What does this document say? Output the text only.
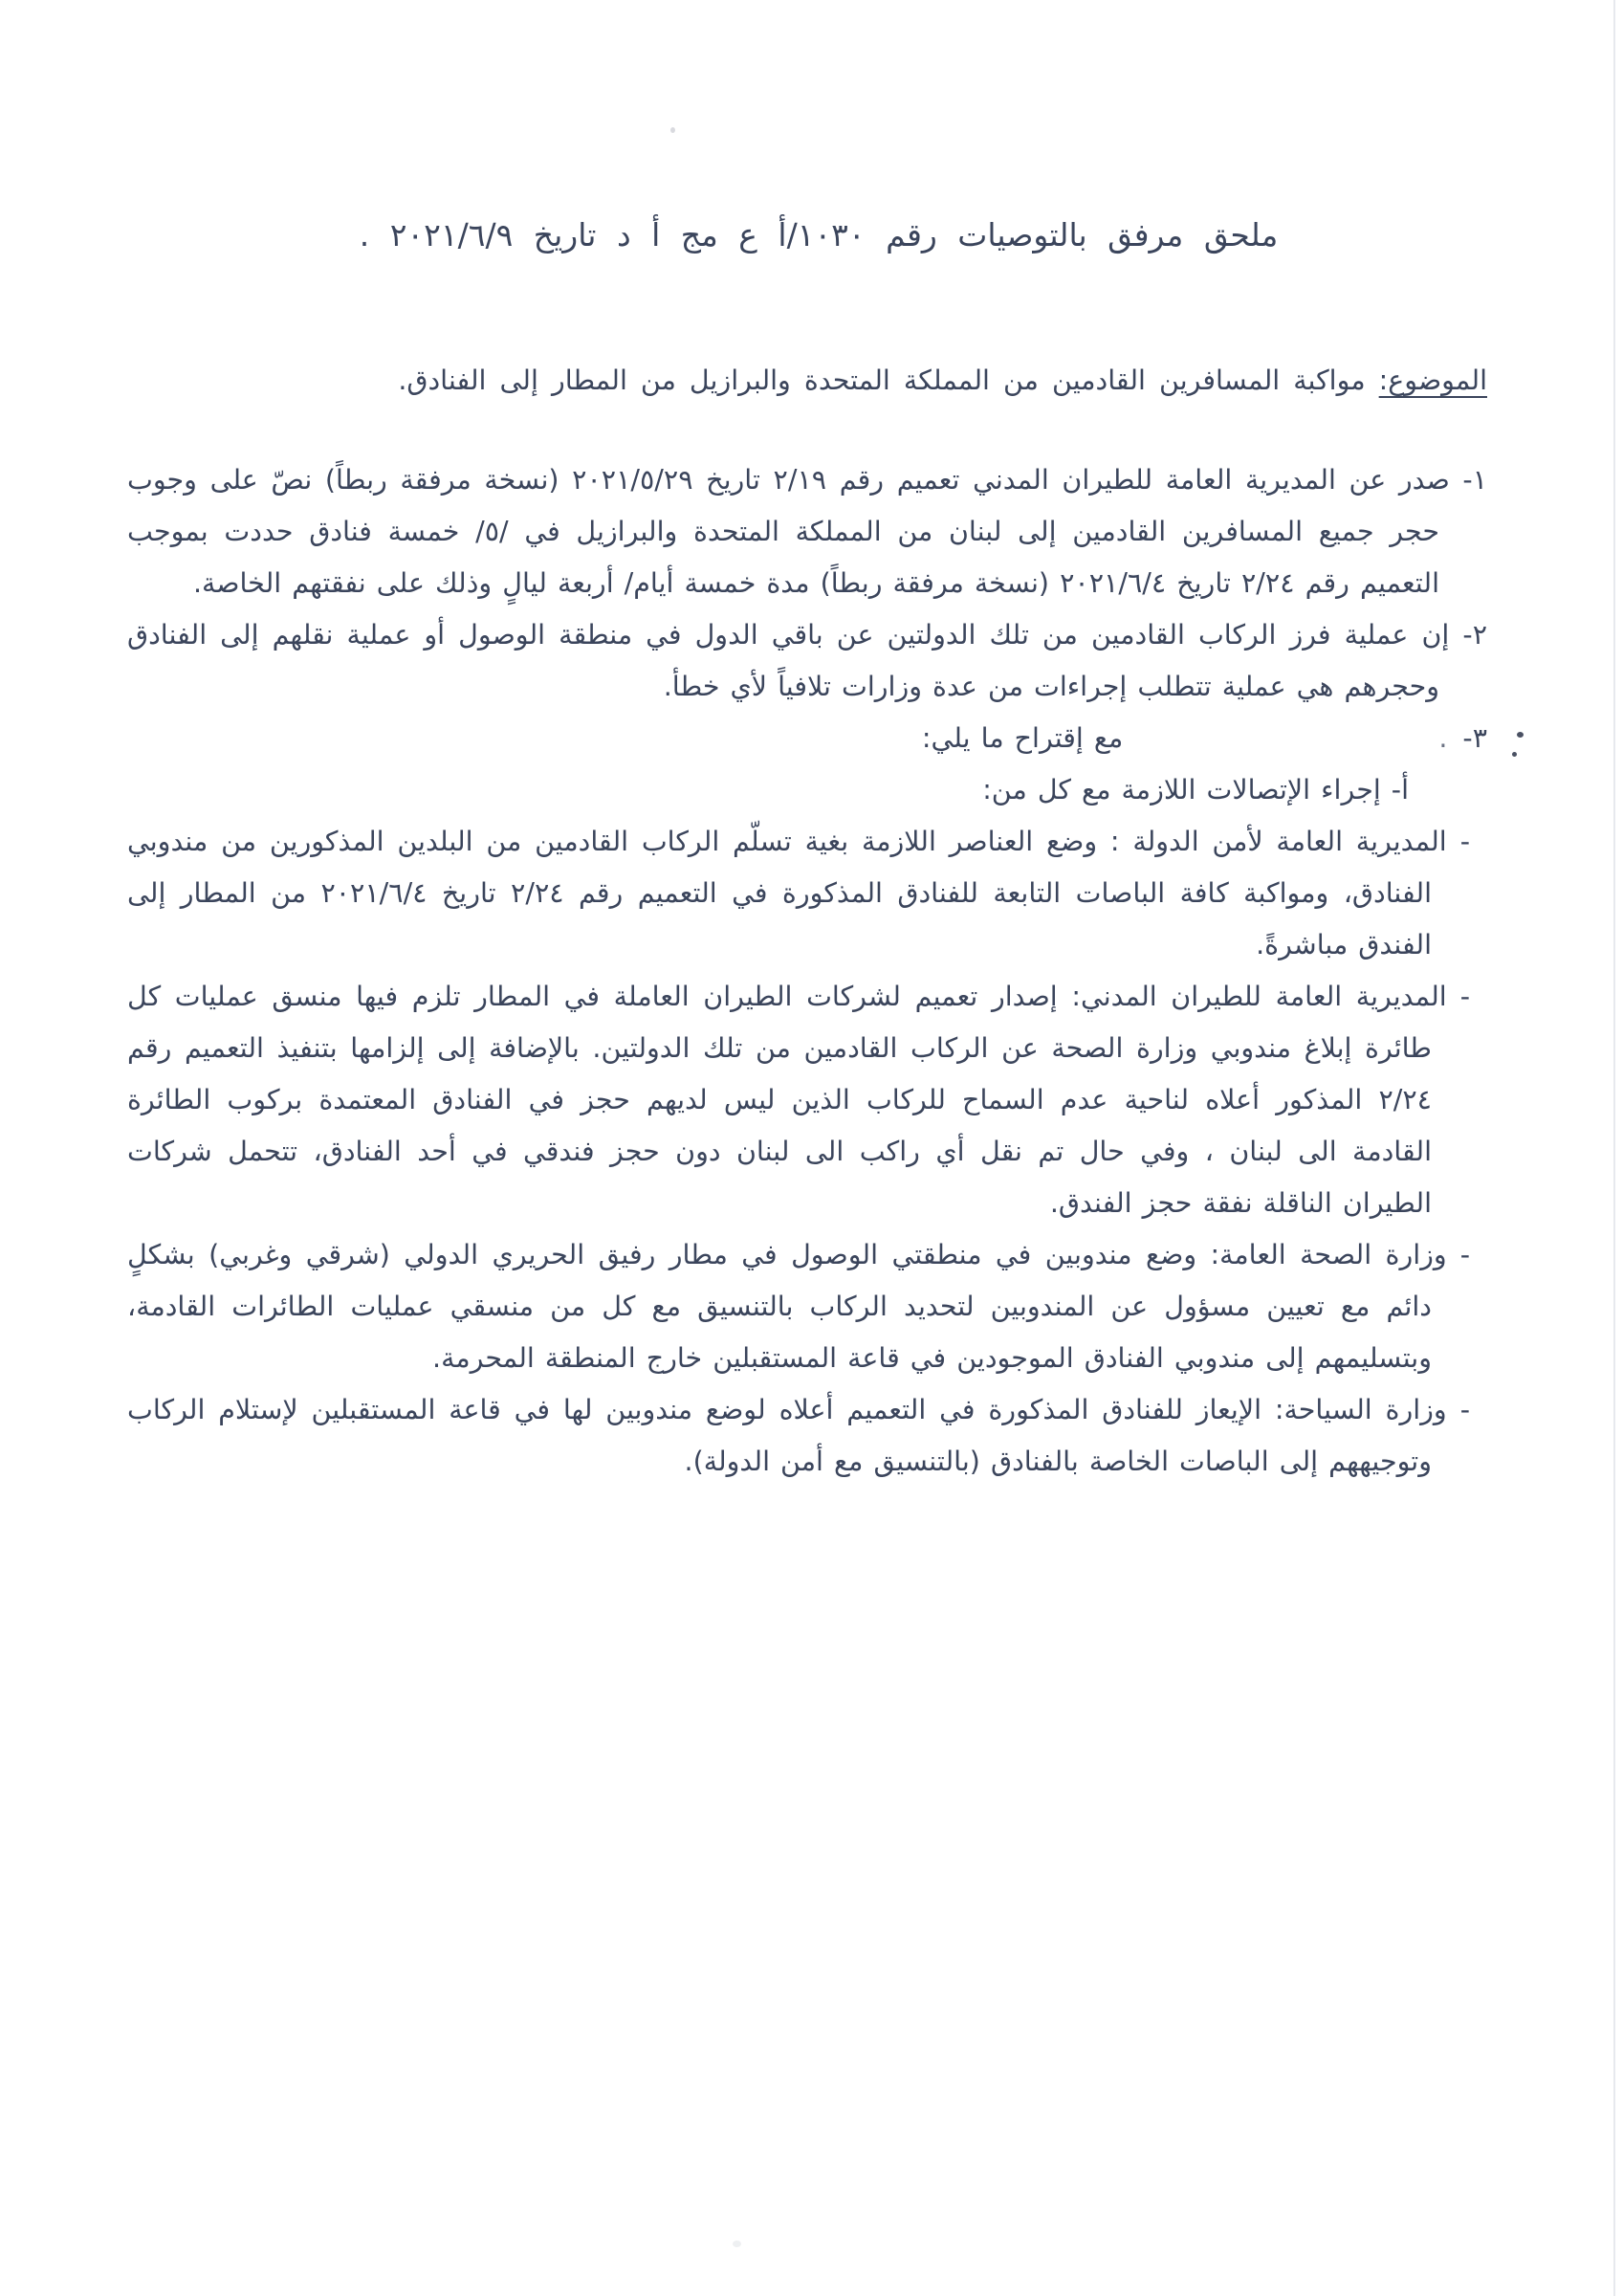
ملحق مرفق بالتوصيات رقم ١٠٣٠/أ ع مج أ د تاريخ ٢٠٢١/٦/٩ .

الموضوع: مواكبة المسافرين القادمين من المملكة المتحدة والبرازيل من المطار إلى الفنادق.

١- صدر عن المديرية العامة للطيران المدني تعميم رقم ٢/١٩ تاريخ ٢٠٢١/٥/٢٩ (نسخة مرفقة ربطاً) نصّ على وجوب حجر جميع المسافرين القادمين إلى لبنان من المملكة المتحدة والبرازيل في /٥/ خمسة فنادق حددت بموجب التعميم رقم ٢/٢٤ تاريخ ٢٠٢١/٦/٤ (نسخة مرفقة ربطاً) مدة خمسة أيام/ أربعة ليالٍ وذلك على نفقتهم الخاصة.

٢- إن عملية فرز الركاب القادمين من تلك الدولتين عن باقي الدول في منطقة الوصول أو عملية نقلهم إلى الفنادق وحجرهم هي عملية تتطلب إجراءات من عدة وزارات تلافياً لأي خطأ.

٣-.مع إقتراح ما يلي:

أ- إجراء الإتصالات اللازمة مع كل من:

-المديرية العامة لأمن الدولة : وضع العناصر اللازمة بغية تسلّم الركاب القادمين من البلدين المذكورين من مندوبي الفنادق، ومواكبة كافة الباصات التابعة للفنادق المذكورة في التعميم رقم ٢/٢٤ تاريخ ٢٠٢١/٦/٤ من المطار إلى الفندق مباشرةً.

-المديرية العامة للطيران المدني: إصدار تعميم لشركات الطيران العاملة في المطار تلزم فيها منسق عمليات كل طائرة إبلاغ مندوبي وزارة الصحة عن الركاب القادمين من تلك الدولتين. بالإضافة إلى إلزامها بتنفيذ التعميم رقم ٢/٢٤ المذكور أعلاه لناحية عدم السماح للركاب الذين ليس لديهم حجز في الفنادق المعتمدة بركوب الطائرة القادمة الى لبنان ، وفي حال تم نقل أي راكب الى لبنان دون حجز فندقي في أحد الفنادق، تتحمل شركات الطيران الناقلة نفقة حجز الفندق.

-وزارة الصحة العامة: وضع مندوبين في منطقتي الوصول في مطار رفيق الحريري الدولي (شرقي وغربي) بشكلٍ دائم مع تعيين مسؤول عن المندوبين لتحديد الركاب بالتنسيق مع كل من منسقي عمليات الطائرات القادمة، وبتسليمهم إلى مندوبي الفنادق الموجودين في قاعة المستقبلين خارج المنطقة المحرمة.

-وزارة السياحة: الإيعاز للفنادق المذكورة في التعميم أعلاه لوضع مندوبين لها في قاعة المستقبلين لإستلام الركاب وتوجيههم إلى الباصات الخاصة بالفنادق (بالتنسيق مع أمن الدولة).
